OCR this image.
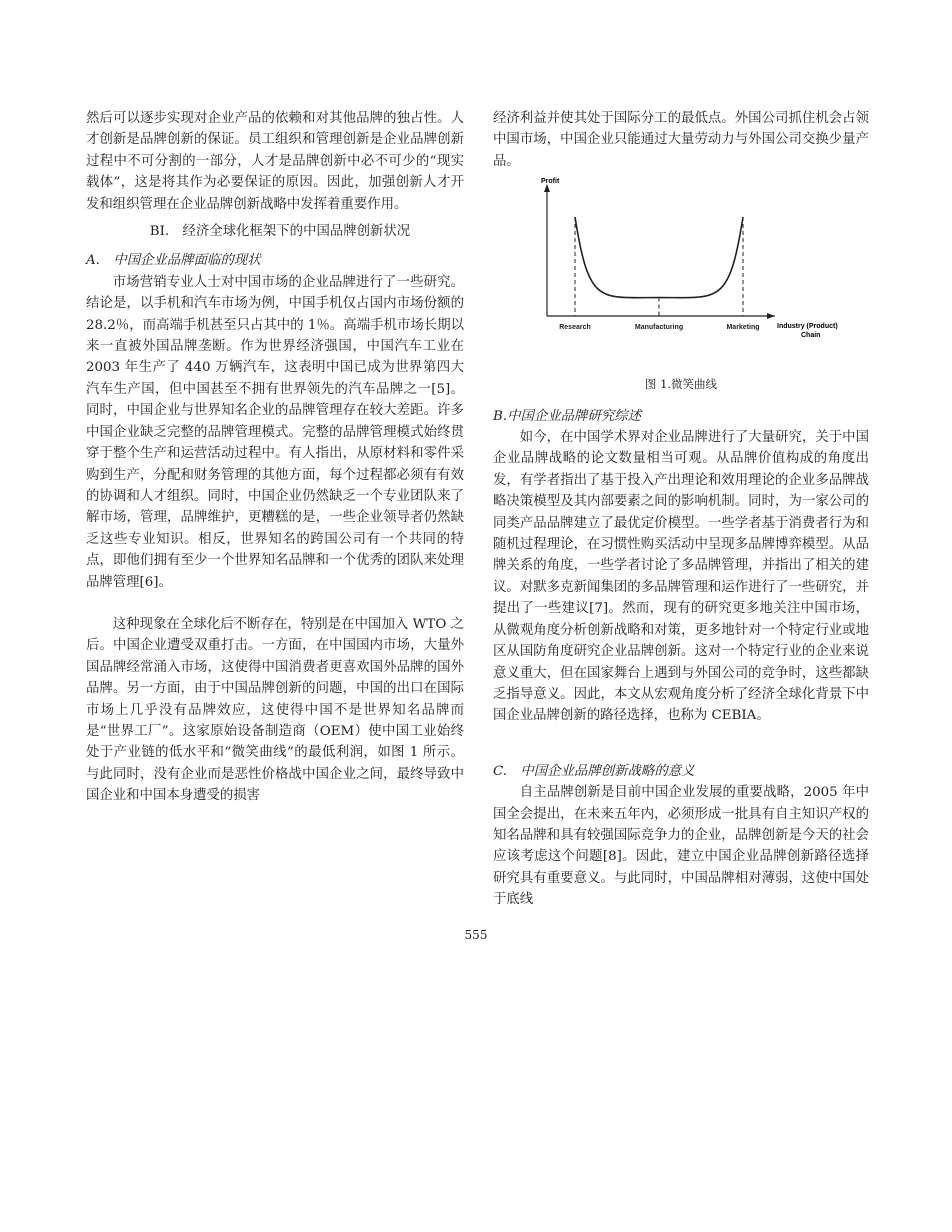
然后可以逐步实现对企业产品的依赖和对其他品牌的独占性。人才创新是品牌创新的保证。员工组织和管理创新是企业品牌创新过程中不可分割的一部分，人才是品牌创新中必不可少的“现实载体”，这是将其作为必要保证的原因。因此，加强创新人才开发和组织管理在企业品牌创新战略中发挥着重要作用。

BI.　经济全球化框架下的中国品牌创新状况

A.　中国企业品牌面临的现状

市场营销专业人士对中国市场的企业品牌进行了一些研究。结论是，以手机和汽车市场为例，中国手机仅占国内市场份额的 28.2％，而高端手机甚至只占其中的 1％。高端手机市场长期以来一直被外国品牌垄断。作为世界经济强国，中国汽车工业在 2003 年生产了 440 万辆汽车，这表明中国已成为世界第四大汽车生产国，但中国甚至不拥有世界领先的汽车品牌之一[5]。同时，中国企业与世界知名企业的品牌管理存在较大差距。许多中国企业缺乏完整的品牌管理模式。完整的品牌管理模式始终贯穿于整个生产和运营活动过程中。有人指出，从原材料和零件采购到生产，分配和财务管理的其他方面，每个过程都必须有有效的协调和人才组织。同时，中国企业仍然缺乏一个专业团队来了解市场，管理，品牌维护，更糟糕的是，一些企业领导者仍然缺乏这些专业知识。相反，世界知名的跨国公司有一个共同的特点，即他们拥有至少一个世界知名品牌和一个优秀的团队来处理品牌管理[6]。

这种现象在全球化后不断存在，特别是在中国加入 WTO 之后。中国企业遭受双重打击。一方面，在中国国内市场，大量外国品牌经常涌入市场，这使得中国消费者更喜欢国外品牌的国外品牌。另一方面，由于中国品牌创新的问题，中国的出口在国际市场上几乎没有品牌效应，这使得中国不是世界知名品牌而是“世界工厂”。这家原始设备制造商（OEM）使中国工业始终处于产业链的低水平和“微笑曲线”的最低利润，如图 1 所示。与此同时，没有企业而是恶性价格战中国企业之间，最终导致中国企业和中国本身遭受的损害

经济利益并使其处于国际分工的最低点。外国公司抓住机会占领中国市场，中国企业只能通过大量劳动力与外国公司交换少量产品。

Profit
Industry (Product)
Chain
Research	Manufacturing	Marketing

图 1.微笑曲线

B.中国企业品牌研究综述

如今，在中国学术界对企业品牌进行了大量研究，关于中国企业品牌战略的论文数量相当可观。从品牌价值构成的角度出发，有学者指出了基于投入产出理论和效用理论的企业多品牌战略决策模型及其内部要素之间的影响机制。同时，为一家公司的同类产品品牌建立了最优定价模型。一些学者基于消费者行为和随机过程理论，在习惯性购买活动中呈现多品牌博弈模型。从品牌关系的角度，一些学者讨论了多品牌管理，并指出了相关的建议。对默多克新闻集团的多品牌管理和运作进行了一些研究，并提出了一些建议[7]。然而，现有的研究更多地关注中国市场，从微观角度分析创新战略和对策，更多地针对一个特定行业或地区从国防角度研究企业品牌创新。这对一个特定行业的企业来说意义重大，但在国家舞台上遇到与外国公司的竞争时，这些都缺乏指导意义。因此，本文从宏观角度分析了经济全球化背景下中国企业品牌创新的路径选择，也称为 CEBIA。

C.　中国企业品牌创新战略的意义

自主品牌创新是目前中国企业发展的重要战略，2005 年中国全会提出，在未来五年内，必须形成一批具有自主知识产权的知名品牌和具有较强国际竞争力的企业，品牌创新是今天的社会应该考虑这个问题[8]。因此，建立中国企业品牌创新路径选择研究具有重要意义。与此同时，中国品牌相对薄弱，这使中国处于底线

555
